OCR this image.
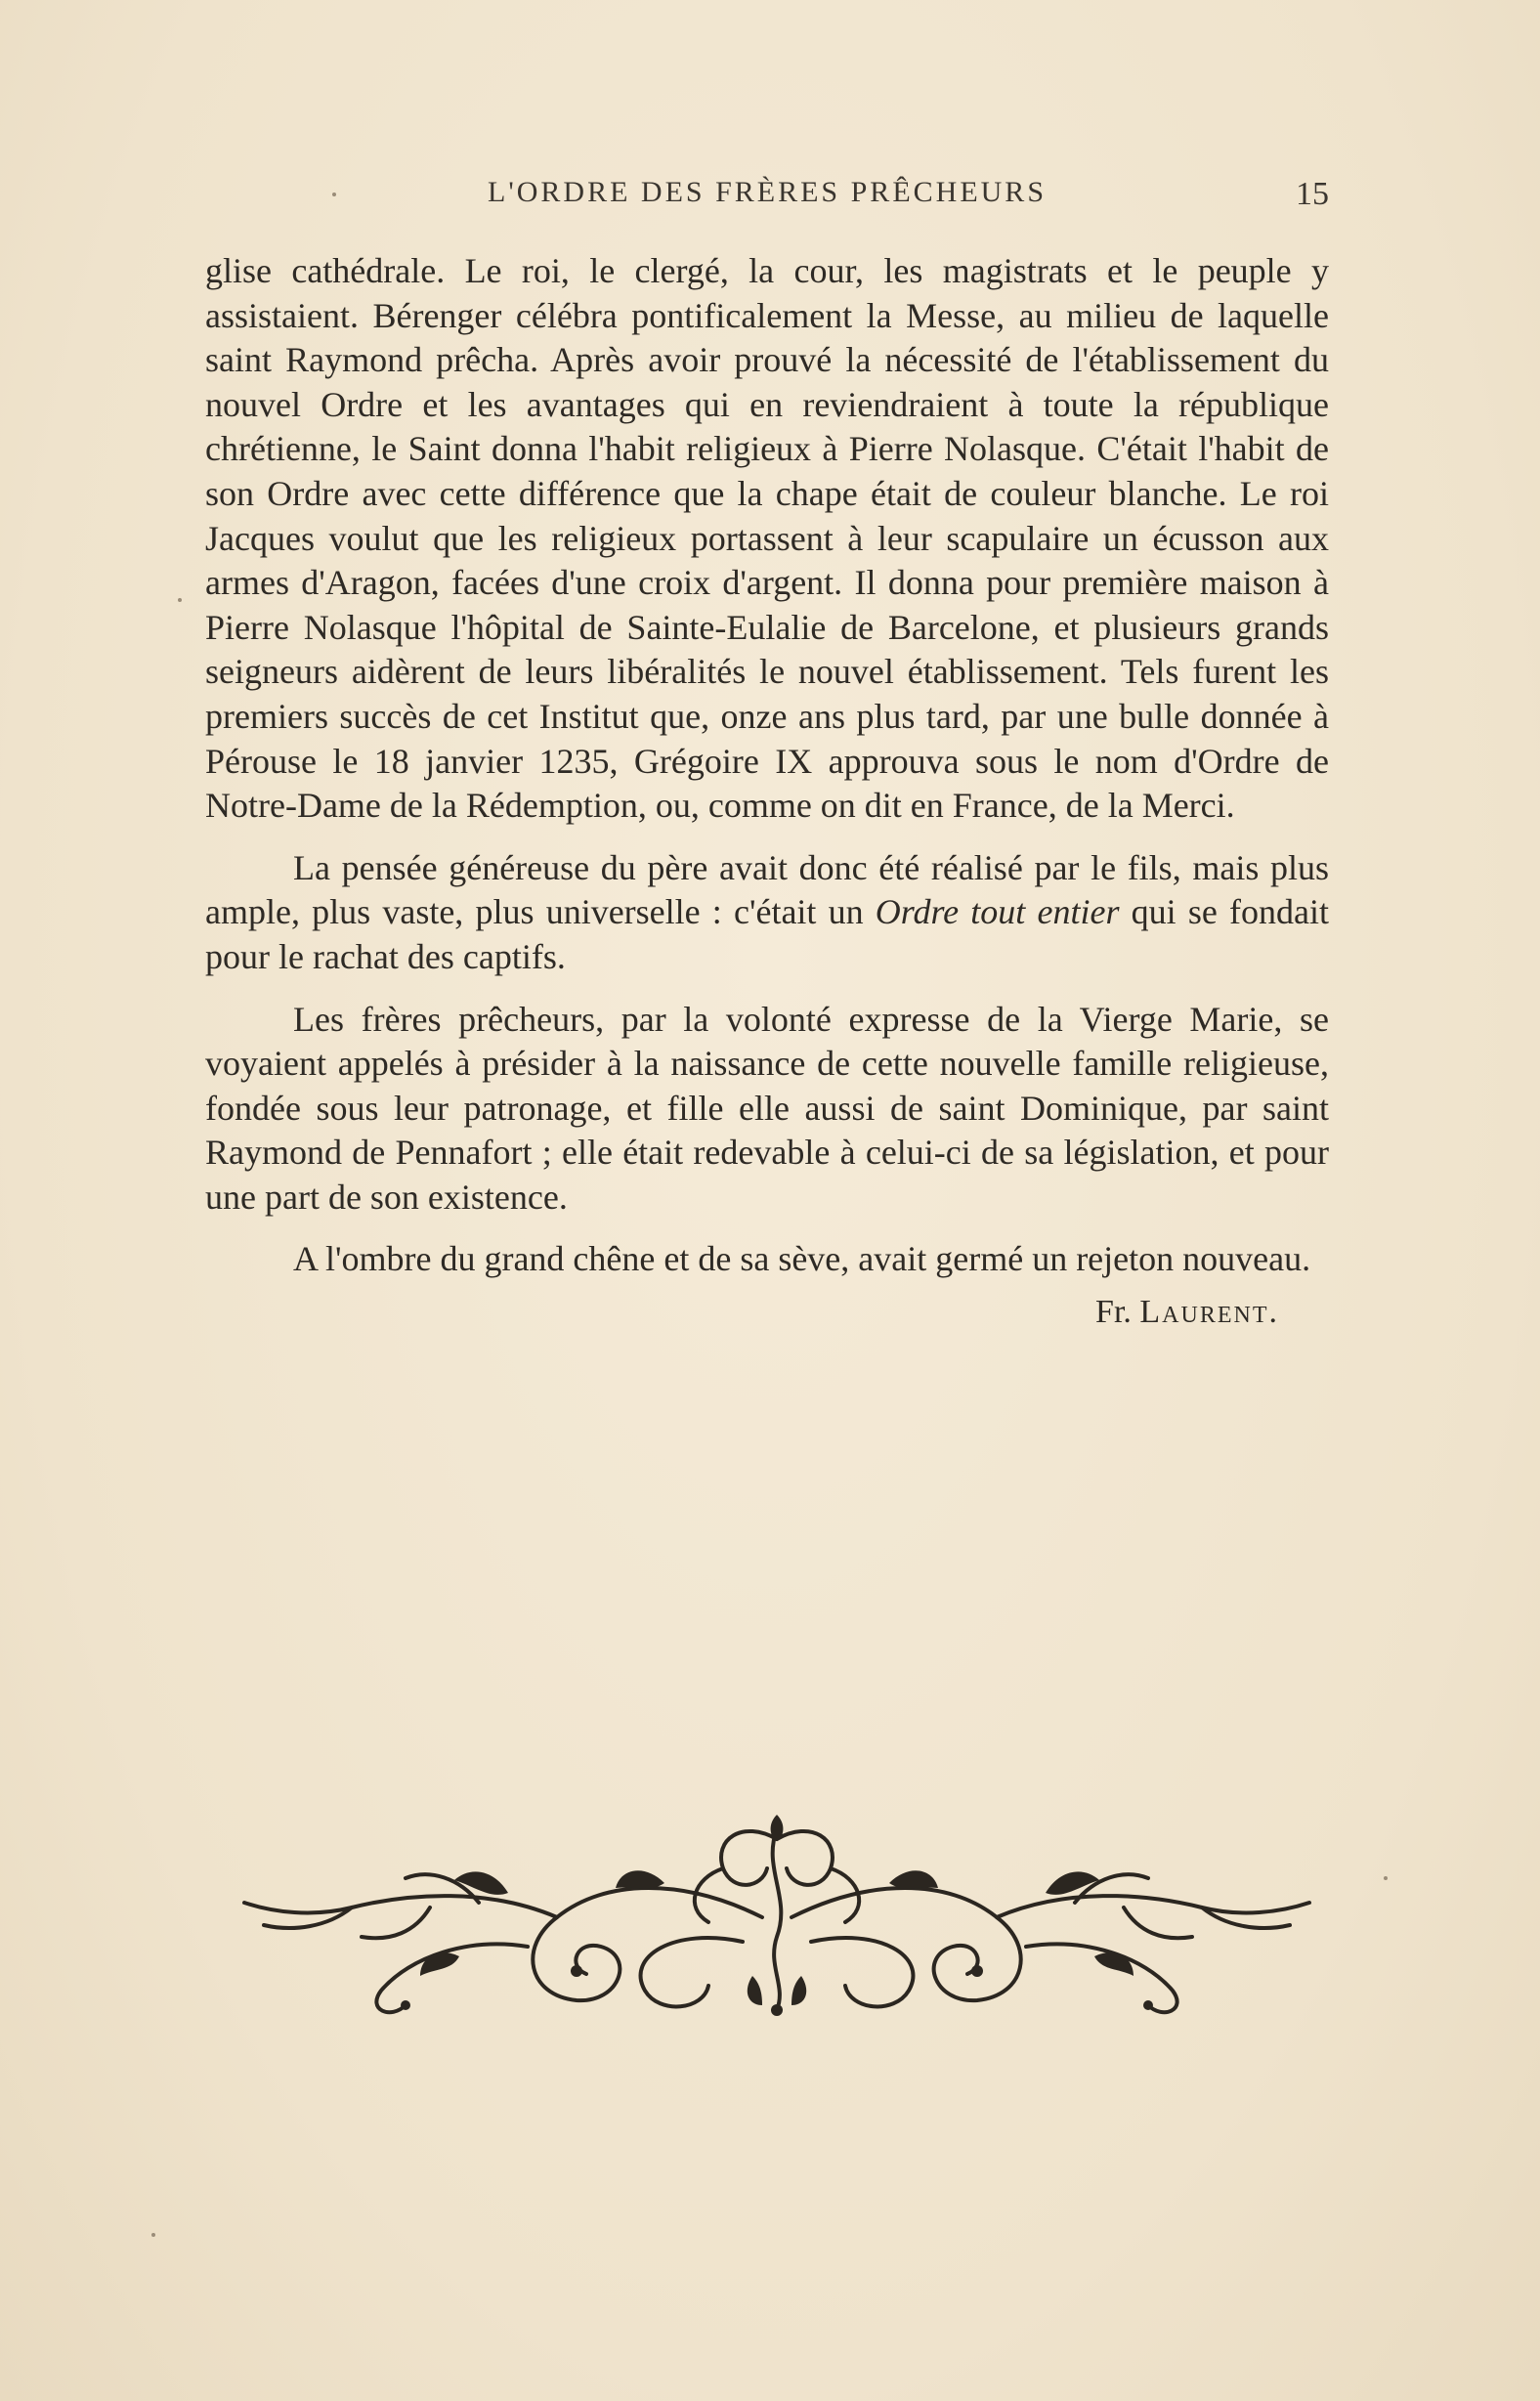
L'ORDRE DES FRÈRES PRÊCHEURS	15

glise cathédrale. Le roi, le clergé, la cour, les magistrats et le peuple y assistaient. Bérenger célébra pontificalement la Messe, au milieu de laquelle saint Raymond prêcha. Après avoir prouvé la nécessité de l'établissement du nouvel Ordre et les avantages qui en reviendraient à toute la république chrétienne, le Saint donna l'habit religieux à Pierre Nolasque. C'était l'habit de son Ordre avec cette différence que la chape était de couleur blanche. Le roi Jacques voulut que les religieux portassent à leur scapulaire un écusson aux armes d'Aragon, facées d'une croix d'argent. Il donna pour première maison à Pierre Nolasque l'hôpital de Sainte-Eulalie de Barcelone, et plusieurs grands seigneurs aidèrent de leurs libéralités le nouvel établissement. Tels furent les premiers succès de cet Institut que, onze ans plus tard, par une bulle donnée à Pérouse le 18 janvier 1235, Grégoire IX approuva sous le nom d'Ordre de Notre-Dame de la Rédemption, ou, comme on dit en France, de la Merci.

La pensée généreuse du père avait donc été réalisé par le fils, mais plus ample, plus vaste, plus universelle : c'était un Ordre tout entier qui se fondait pour le rachat des captifs.

Les frères prêcheurs, par la volonté expresse de la Vierge Marie, se voyaient appelés à présider à la naissance de cette nouvelle famille religieuse, fondée sous leur patronage, et fille elle aussi de saint Dominique, par saint Raymond de Pennafort ; elle était redevable à celui-ci de sa législation, et pour une part de son existence.

A l'ombre du grand chêne et de sa sève, avait germé un rejeton nouveau.

Fr. Laurent.
